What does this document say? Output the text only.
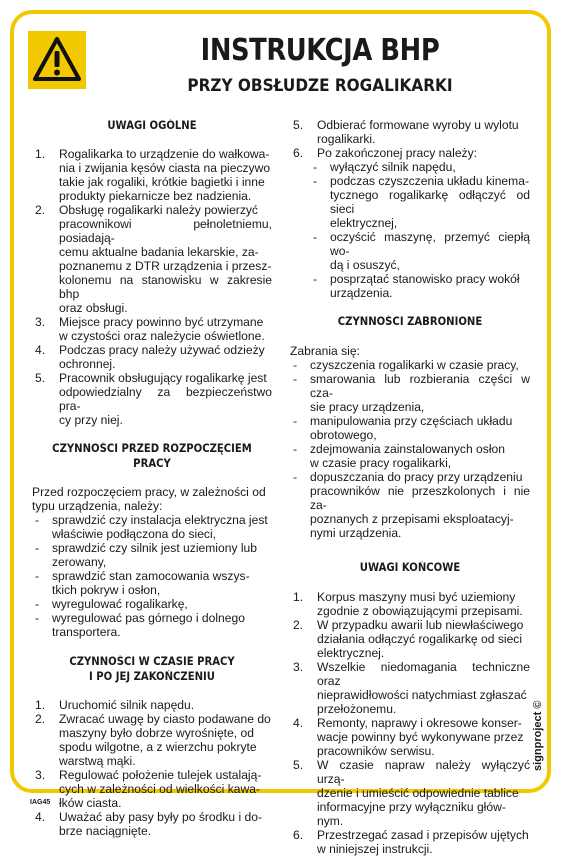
INSTRUKCJA BHP
PRZY OBSŁUDZE ROGALIKARKI
UWAGI OGÓLNE
1. Rogalikarka to urządzenie do wałkowa-
nia i zwijania kęsów ciasta na pieczywo
takie jak rogaliki, krótkie bagietki i inne
produkty piekarnicze bez nadzienia.
2. Obsługę rogalikarki należy powierzyć
pracownikowi pełnoletniemu, posiadają-
cemu aktualne badania lekarskie, za-
poznanemu z DTR urządzenia i przesz-
kolonemu na stanowisku w zakresie bhp
oraz obsługi.
3. Miejsce pracy powinno być utrzymane
w czystości oraz należycie oświetlone.
4. Podczas pracy należy używać odzieży
ochronnej.
5. Pracownik obsługujący rogalikarkę jest
odpowiedzialny za bezpieczeństwo pra-
cy przy niej.
CZYNNOŚCI PRZED ROZPOCZĘCIEM PRACY

Przed rozpoczęciem pracy, w zależności od
typu urządzenia, należy:

- sprawdzić czy instalacja elektryczna jest
właściwie podłączona do sieci,
- sprawdzić czy silnik jest uziemiony lub
zerowany,
- sprawdzić stan zamocowania wszys-
tkich pokryw i osłon,
- wyregulować rogalikarkę,
- wyregulować pas górnego i dolnego
transportera.
CZYNNOŚCI W CZASIE PRACY
I PO JEJ ZAKOŃCZENIU
1. Uruchomić silnik napędu.
2. Zwracać uwagę by ciasto podawane do
maszyny było dobrze wyrośnięte, od
spodu wilgotne, a z wierzchu pokryte
warstwą mąki.
3. Regulować położenie tulejek ustalają-
cych w zależności od wielkości kawa-
łków ciasta.
4. Uważać aby pasy były po środku i do-
brze naciągnięte.
5. Odbierać formowane wyroby u wylotu
rogalikarki.
6. Po zakończonej pracy należy:
- wyłączyć silnik napędu,
- podczas czyszczenia układu kinema-
tycznego rogalikarkę odłączyć od sieci
elektrycznej,
- oczyścić maszynę, przemyć ciepłą wo-
dą i osuszyć,
- posprzątać stanowisko pracy wokół
urządzenia.
CZYNNOŚCI ZABRONIONE

Zabrania się:

- czyszczenia rogalikarki w czasie pracy,
- smarowania lub rozbierania części w cza-
sie pracy urządzenia,
- manipulowania przy częściach układu
obrotowego,
- zdejmowania zainstalowanych osłon
w czasie pracy rogalikarki,
- dopuszczania do pracy przy urządzeniu
pracowników nie przeszkolonych i nie za-
poznanych z przepisami eksploatacyj-
nymi urządzenia.
UWAGI KOŃCOWE
1. Korpus maszyny musi być uziemiony
zgodnie z obowiązującymi przepisami.
2. W przypadku awarii lub niewłaściwego
działania odłączyć rogalikarkę od sieci
elektrycznej.
3. Wszelkie niedomagania techniczne oraz
nieprawidłowości natychmiast zgłaszać
przełożonemu.
4. Remonty, naprawy i okresowe konser-
wacje powinny być wykonywane przez
pracowników serwisu.
5. W czasie napraw należy wyłączyć urzą-
dzenie i umieścić odpowiednie tablice
informacyjne przy wyłączniku głów-
nym.
6. Przestrzegać zasad i przepisów ujętych
w niniejszej instrukcji.
IAG45
signproject ©
